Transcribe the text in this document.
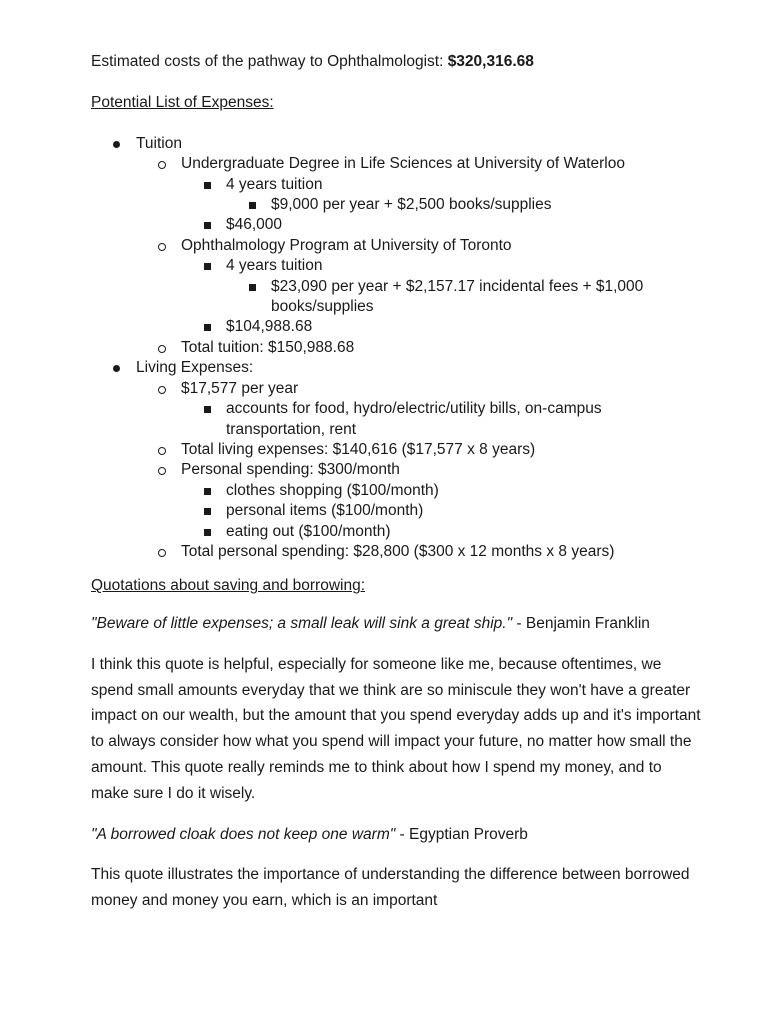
Estimated costs of the pathway to Ophthalmologist: $320,316.68

Potential List of Expenses:

Tuition
Undergraduate Degree in Life Sciences at University of Waterloo
4 years tuition
$9,000 per year + $2,500 books/supplies
$46,000
Ophthalmology Program at University of Toronto
4 years tuition
$23,090 per year + $2,157.17 incidental fees + $1,000 books/supplies
$104,988.68
Total tuition: $150,988.68
Living Expenses:
$17,577 per year
accounts for food, hydro/electric/utility bills, on-campus transportation, rent
Total living expenses: $140,616 ($17,577 x 8 years)
Personal spending: $300/month
clothes shopping ($100/month)
personal items ($100/month)
eating out ($100/month)
Total personal spending: $28,800 ($300 x 12 months x 8 years)

Quotations about saving and borrowing:

"Beware of little expenses; a small leak will sink a great ship." - Benjamin Franklin

I think this quote is helpful, especially for someone like me, because oftentimes, we spend small amounts everyday that we think are so miniscule they won't have a greater impact on our wealth, but the amount that you spend everyday adds up and it's important to always consider how what you spend will impact your future, no matter how small the amount. This quote really reminds me to think about how I spend my money, and to make sure I do it wisely.

"A borrowed cloak does not keep one warm" - Egyptian Proverb

This quote illustrates the importance of understanding the difference between borrowed money and money you earn, which is an important
